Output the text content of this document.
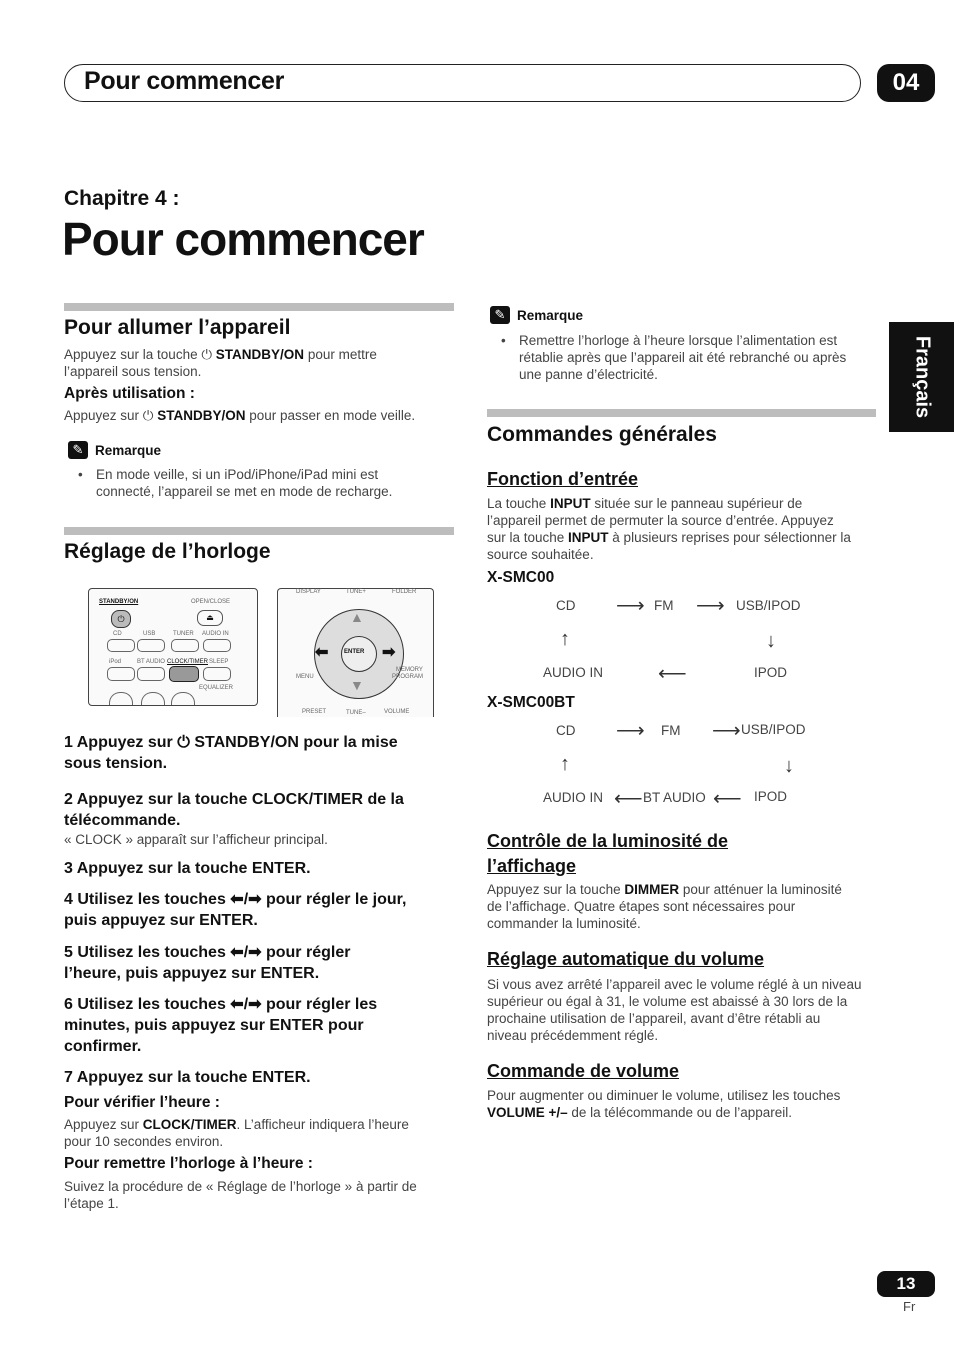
Pour commencer	04
Chapitre 4 :
Pour commencer
Français
Pour allumer l’appareil
Appuyez sur la touche ⏻ STANDBY/ON pour mettre
l’appareil sous tension.
Après utilisation :
Appuyez sur ⏻ STANDBY/ON pour passer en mode veille.
✎ Remarque
• En mode veille, si un iPod/iPhone/iPad mini est
connecté, l’appareil se met en mode de recharge.
Réglage de l’horloge
STANDBY/ON	OPEN/CLOSE
⏻	⏏
CD	USB	TUNER AUDIO IN
iPod	BT AUDIO CLOCK/TIMER SLEEP
EQUALIZER
DISPLAY	TUNE+	FOLDER
ENTER
▲
▼
⬅	➡
MENU
MEMORY
PROGRAM
PRESET	TUNE–	VOLUME
1 Appuyez sur ⏻ STANDBY/ON pour la mise
sous tension.
2 Appuyez sur la touche CLOCK/TIMER de la
télécommande.
« CLOCK » apparaît sur l’afficheur principal.
3 Appuyez sur la touche ENTER.
4 Utilisez les touches ⬅/➡ pour régler le jour,
puis appuyez sur ENTER.
5 Utilisez les touches ⬅/➡ pour régler
l’heure, puis appuyez sur ENTER.
6 Utilisez les touches ⬅/➡ pour régler les
minutes, puis appuyez sur ENTER pour
confirmer.
7 Appuyez sur la touche ENTER.
Pour vérifier l’heure :
Appuyez sur CLOCK/TIMER. L’afficheur indiquera l’heure
pour 10 secondes environ.
Pour remettre l’horloge à l’heure :
Suivez la procédure de « Réglage de l’horloge » à partir de
l’étape 1.
✎ Remarque
• Remettre l’horloge à l’heure lorsque l’alimentation est
rétablie après que l’appareil ait été rebranché ou après
une panne d’électricité.
Commandes générales
Fonction d’entrée
La touche INPUT située sur le panneau supérieur de
l’appareil permet de permuter la source d’entrée. Appuyez
sur la touche INPUT à plusieurs reprises pour sélectionner la
source souhaitée.
X-SMC00
CD ⟶ FM ⟶ USB/IPOD
↑	↓
AUDIO IN	⟵	IPOD
X-SMC00BT
CD ⟶ FM ⟶ USB/IPOD
↑	↓
AUDIO IN ⟵ BT AUDIO ⟵ IPOD
Contrôle de la luminosité de
l’affichage
Appuyez sur la touche DIMMER pour atténuer la luminosité
de l’affichage. Quatre étapes sont nécessaires pour
commander la luminosité.
Réglage automatique du volume
Si vous avez arrêté l’appareil avec le volume réglé à un niveau
supérieur ou égal à 31, le volume est abaissé à 30 lors de la
prochaine utilisation de l’appareil, avant d’être rétabli au
niveau précédemment réglé.
Commande de volume
Pour augmenter ou diminuer le volume, utilisez les touches
VOLUME +/– de la télécommande ou de l’appareil.
13
Fr
